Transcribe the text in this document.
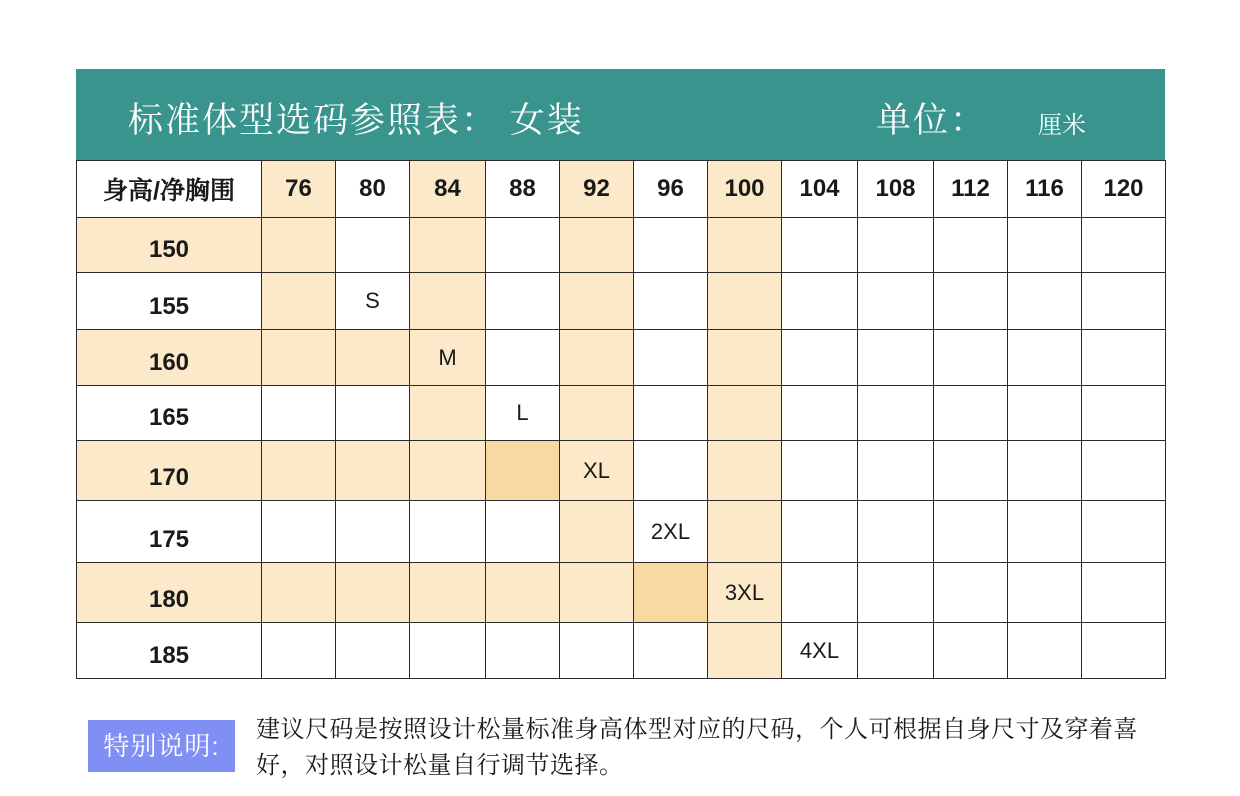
标准体型选码参照表： 女装	单位： 厘米
身高/净胸围	76	80	84	88	92	96	100	104	108	112	116	120
150												
155		S										
160			M									
165				L								
170					XL							
175						2XL						
180							3XL					
185								4XL				
特别说明:
建议尺码是按照设计松量标准身高体型对应的尺码，个人可根据自身尺寸及穿着喜好，对照设计松量自行调节选择。
